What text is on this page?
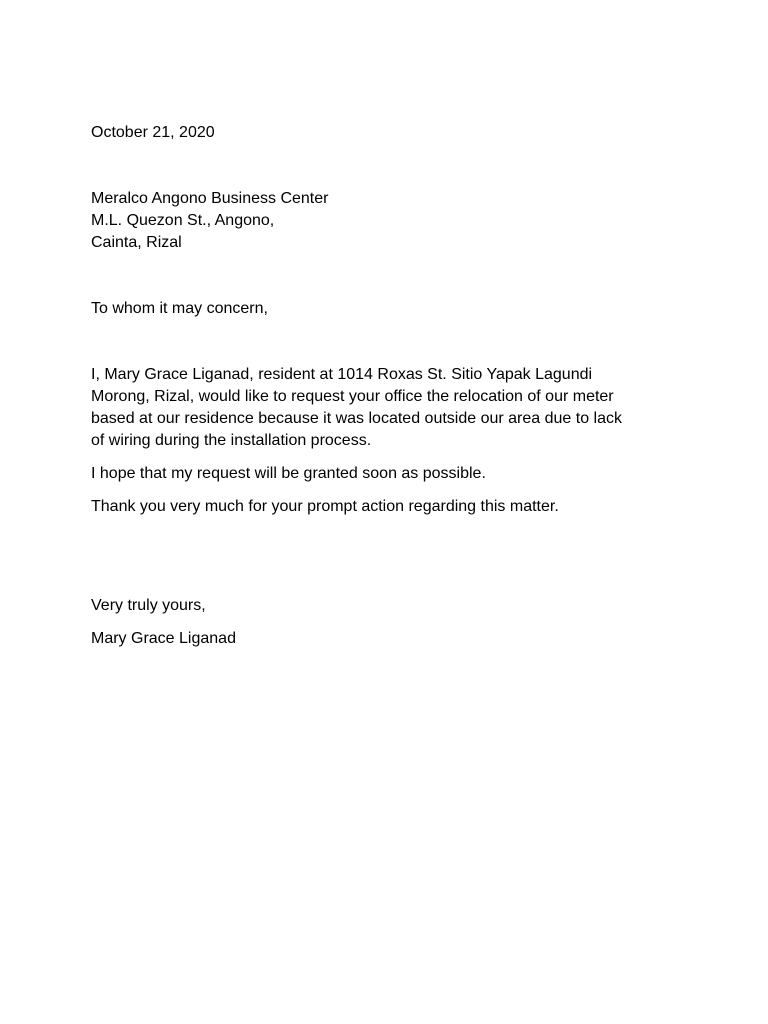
October 21, 2020

Meralco Angono Business Center
M.L. Quezon St., Angono,
Cainta, Rizal

To whom it may concern,

I, Mary Grace Liganad, resident at 1014 Roxas St. Sitio Yapak Lagundi
Morong, Rizal, would like to request your office the relocation of our meter
based at our residence because it was located outside our area due to lack
of wiring during the installation process.

I hope that my request will be granted soon as possible.

Thank you very much for your prompt action regarding this matter.

Very truly yours,

Mary Grace Liganad
